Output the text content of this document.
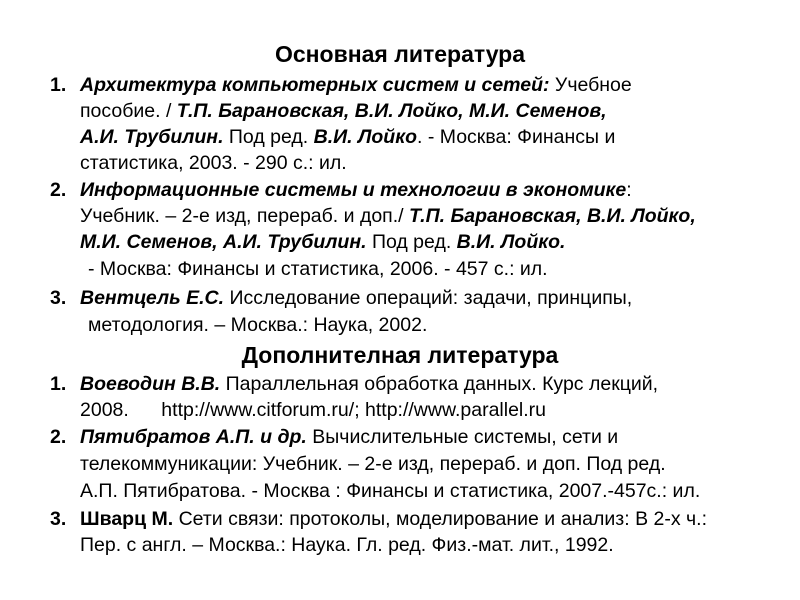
Основная литература
1. Архитектура компьютерных систем и сетей: Учебное
пособие. / Т.П. Барановская, В.И. Лойко, М.И. Семенов,
А.И. Трубилин. Под ред. В.И. Лойко. - Москва: Финансы и
статистика, 2003. - 290 с.: ил.
2. Информационные системы и технологии в экономике:
Учебник. – 2-е изд, перераб. и доп./ Т.П. Барановская, В.И. Лойко,
М.И. Семенов, А.И. Трубилин. Под ред. В.И. Лойко.
- Москва: Финансы и статистика, 2006. - 457 с.: ил.
3. Вентцель Е.С. Исследование операций: задачи, принципы,
методология. – Москва.: Наука, 2002.
Дополнителная литература
1. Воеводин В.В. Параллельная обработка данных. Курс лекций,
2008.      http://www.citforum.ru/; http://www.parallel.ru
2. Пятибратов А.П. и др. Вычислительные системы, сети и
телекоммуникации: Учебник. – 2-е изд, перераб. и доп. Под ред.
А.П. Пятибратова. - Москва : Финансы и статистика, 2007.-457с.: ил.
3. Шварц М. Сети связи: протоколы, моделирование и анализ: В 2-х ч.:
Пер. с англ. – Москва.: Наука. Гл. ред. Физ.-мат. лит., 1992.
